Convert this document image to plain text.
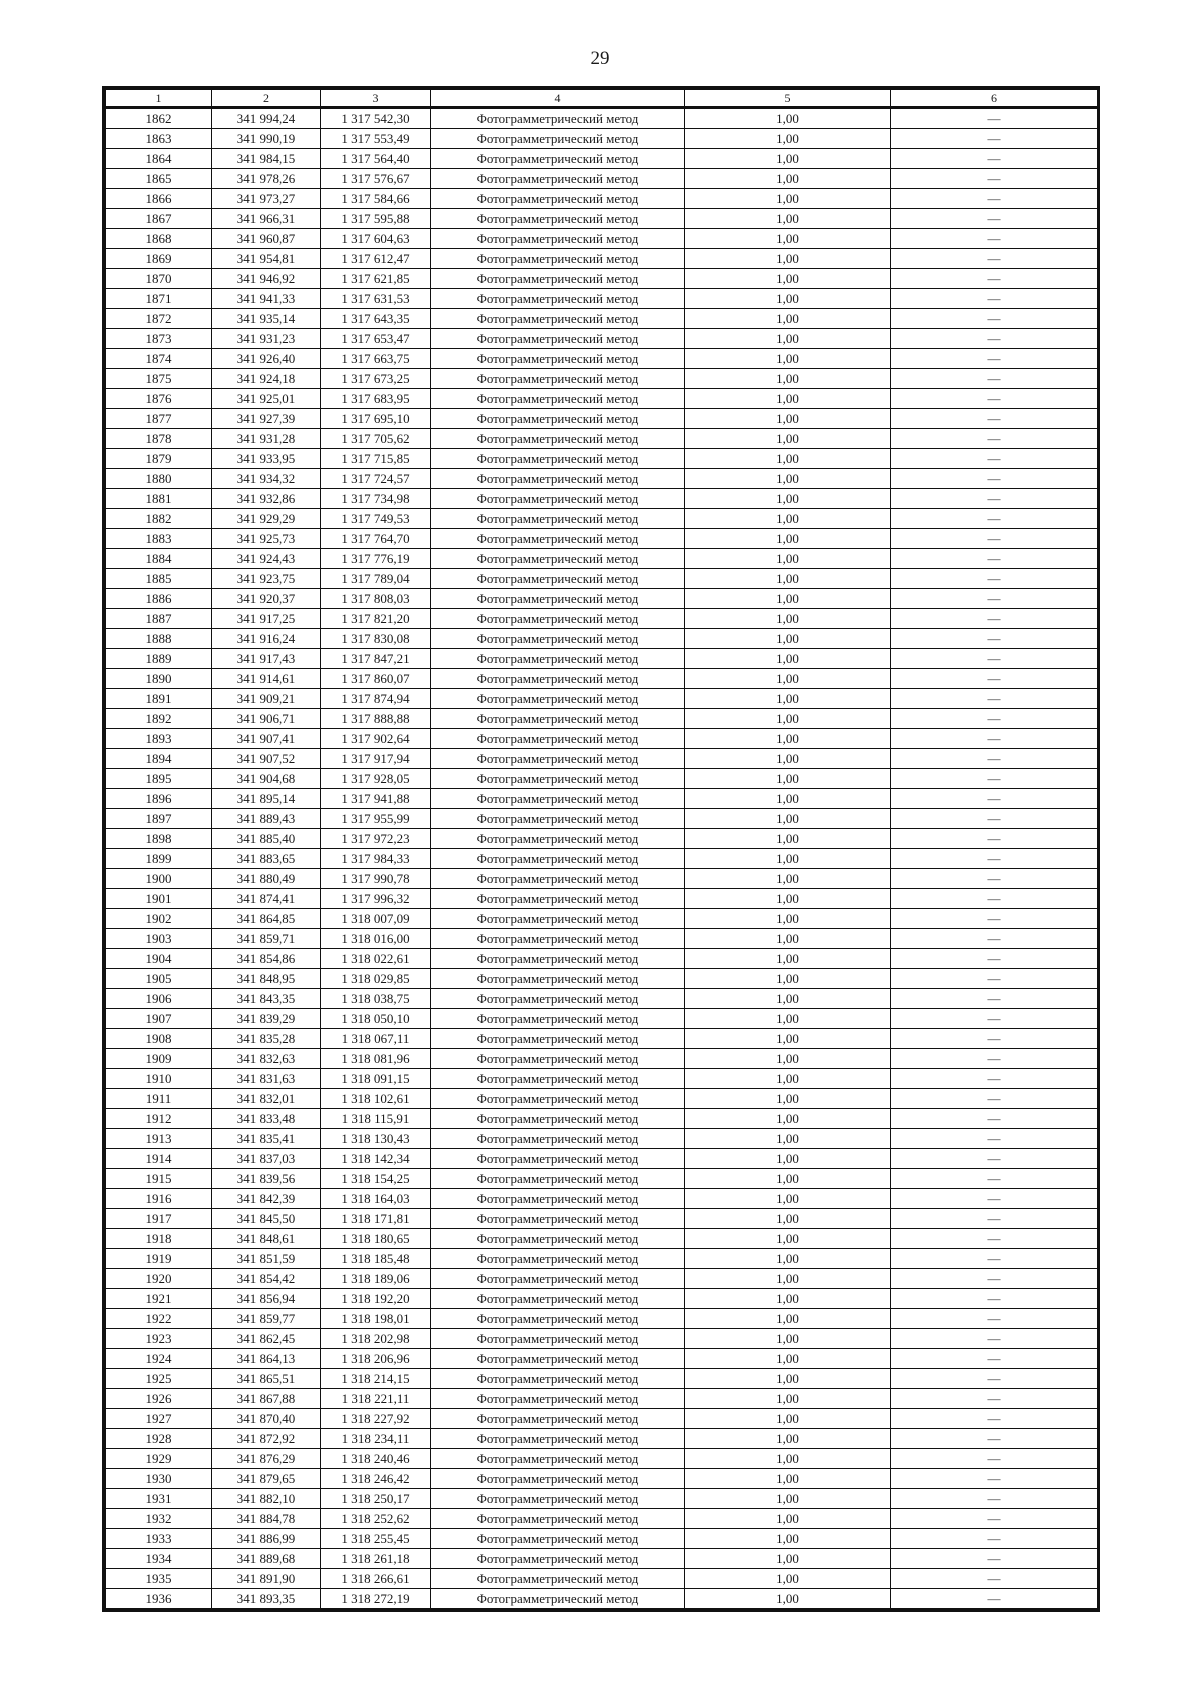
29
1	2	3	4	5	6
1862	341 994,24	1 317 542,30	Фотограмметрический метод	1,00	—
1863	341 990,19	1 317 553,49	Фотограмметрический метод	1,00	—
1864	341 984,15	1 317 564,40	Фотограмметрический метод	1,00	—
1865	341 978,26	1 317 576,67	Фотограмметрический метод	1,00	—
1866	341 973,27	1 317 584,66	Фотограмметрический метод	1,00	—
1867	341 966,31	1 317 595,88	Фотограмметрический метод	1,00	—
1868	341 960,87	1 317 604,63	Фотограмметрический метод	1,00	—
1869	341 954,81	1 317 612,47	Фотограмметрический метод	1,00	—
1870	341 946,92	1 317 621,85	Фотограмметрический метод	1,00	—
1871	341 941,33	1 317 631,53	Фотограмметрический метод	1,00	—
1872	341 935,14	1 317 643,35	Фотограмметрический метод	1,00	—
1873	341 931,23	1 317 653,47	Фотограмметрический метод	1,00	—
1874	341 926,40	1 317 663,75	Фотограмметрический метод	1,00	—
1875	341 924,18	1 317 673,25	Фотограмметрический метод	1,00	—
1876	341 925,01	1 317 683,95	Фотограмметрический метод	1,00	—
1877	341 927,39	1 317 695,10	Фотограмметрический метод	1,00	—
1878	341 931,28	1 317 705,62	Фотограмметрический метод	1,00	—
1879	341 933,95	1 317 715,85	Фотограмметрический метод	1,00	—
1880	341 934,32	1 317 724,57	Фотограмметрический метод	1,00	—
1881	341 932,86	1 317 734,98	Фотограмметрический метод	1,00	—
1882	341 929,29	1 317 749,53	Фотограмметрический метод	1,00	—
1883	341 925,73	1 317 764,70	Фотограмметрический метод	1,00	—
1884	341 924,43	1 317 776,19	Фотограмметрический метод	1,00	—
1885	341 923,75	1 317 789,04	Фотограмметрический метод	1,00	—
1886	341 920,37	1 317 808,03	Фотограмметрический метод	1,00	—
1887	341 917,25	1 317 821,20	Фотограмметрический метод	1,00	—
1888	341 916,24	1 317 830,08	Фотограмметрический метод	1,00	—
1889	341 917,43	1 317 847,21	Фотограмметрический метод	1,00	—
1890	341 914,61	1 317 860,07	Фотограмметрический метод	1,00	—
1891	341 909,21	1 317 874,94	Фотограмметрический метод	1,00	—
1892	341 906,71	1 317 888,88	Фотограмметрический метод	1,00	—
1893	341 907,41	1 317 902,64	Фотограмметрический метод	1,00	—
1894	341 907,52	1 317 917,94	Фотограмметрический метод	1,00	—
1895	341 904,68	1 317 928,05	Фотограмметрический метод	1,00	—
1896	341 895,14	1 317 941,88	Фотограмметрический метод	1,00	—
1897	341 889,43	1 317 955,99	Фотограмметрический метод	1,00	—
1898	341 885,40	1 317 972,23	Фотограмметрический метод	1,00	—
1899	341 883,65	1 317 984,33	Фотограмметрический метод	1,00	—
1900	341 880,49	1 317 990,78	Фотограмметрический метод	1,00	—
1901	341 874,41	1 317 996,32	Фотограмметрический метод	1,00	—
1902	341 864,85	1 318 007,09	Фотограмметрический метод	1,00	—
1903	341 859,71	1 318 016,00	Фотограмметрический метод	1,00	—
1904	341 854,86	1 318 022,61	Фотограмметрический метод	1,00	—
1905	341 848,95	1 318 029,85	Фотограмметрический метод	1,00	—
1906	341 843,35	1 318 038,75	Фотограмметрический метод	1,00	—
1907	341 839,29	1 318 050,10	Фотограмметрический метод	1,00	—
1908	341 835,28	1 318 067,11	Фотограмметрический метод	1,00	—
1909	341 832,63	1 318 081,96	Фотограмметрический метод	1,00	—
1910	341 831,63	1 318 091,15	Фотограмметрический метод	1,00	—
1911	341 832,01	1 318 102,61	Фотограмметрический метод	1,00	—
1912	341 833,48	1 318 115,91	Фотограмметрический метод	1,00	—
1913	341 835,41	1 318 130,43	Фотограмметрический метод	1,00	—
1914	341 837,03	1 318 142,34	Фотограмметрический метод	1,00	—
1915	341 839,56	1 318 154,25	Фотограмметрический метод	1,00	—
1916	341 842,39	1 318 164,03	Фотограмметрический метод	1,00	—
1917	341 845,50	1 318 171,81	Фотограмметрический метод	1,00	—
1918	341 848,61	1 318 180,65	Фотограмметрический метод	1,00	—
1919	341 851,59	1 318 185,48	Фотограмметрический метод	1,00	—
1920	341 854,42	1 318 189,06	Фотограмметрический метод	1,00	—
1921	341 856,94	1 318 192,20	Фотограмметрический метод	1,00	—
1922	341 859,77	1 318 198,01	Фотограмметрический метод	1,00	—
1923	341 862,45	1 318 202,98	Фотограмметрический метод	1,00	—
1924	341 864,13	1 318 206,96	Фотограмметрический метод	1,00	—
1925	341 865,51	1 318 214,15	Фотограмметрический метод	1,00	—
1926	341 867,88	1 318 221,11	Фотограмметрический метод	1,00	—
1927	341 870,40	1 318 227,92	Фотограмметрический метод	1,00	—
1928	341 872,92	1 318 234,11	Фотограмметрический метод	1,00	—
1929	341 876,29	1 318 240,46	Фотограмметрический метод	1,00	—
1930	341 879,65	1 318 246,42	Фотограмметрический метод	1,00	—
1931	341 882,10	1 318 250,17	Фотограмметрический метод	1,00	—
1932	341 884,78	1 318 252,62	Фотограмметрический метод	1,00	—
1933	341 886,99	1 318 255,45	Фотограмметрический метод	1,00	—
1934	341 889,68	1 318 261,18	Фотограмметрический метод	1,00	—
1935	341 891,90	1 318 266,61	Фотограмметрический метод	1,00	—
1936	341 893,35	1 318 272,19	Фотограмметрический метод	1,00	—
